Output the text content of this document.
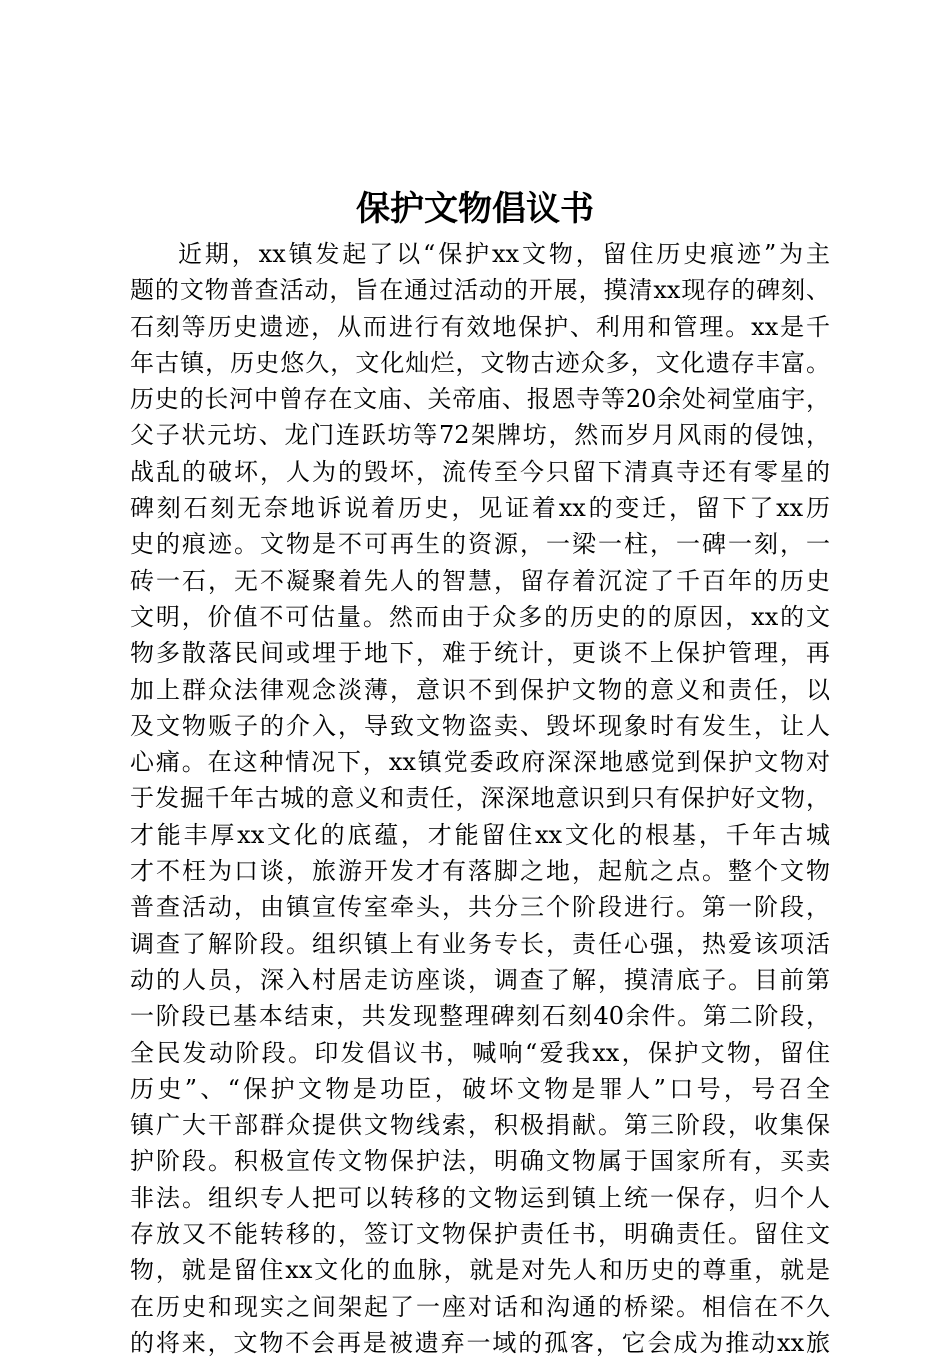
保护文物倡议书
近期，xx镇发起了以“保护xx文物，留住历史痕迹”为主
题的文物普查活动，旨在通过活动的开展，摸清xx现存的碑刻、
石刻等历史遗迹，从而进行有效地保护、利用和管理。xx是千
年古镇，历史悠久，文化灿烂，文物古迹众多，文化遗存丰富。
历史的长河中曾存在文庙、关帝庙、报恩寺等20余处祠堂庙宇，
父子状元坊、龙门连跃坊等72架牌坊，然而岁月风雨的侵蚀，
战乱的破坏，人为的毁坏，流传至今只留下清真寺还有零星的
碑刻石刻无奈地诉说着历史，见证着xx的变迁，留下了xx历
史的痕迹。文物是不可再生的资源，一梁一柱，一碑一刻，一
砖一石，无不凝聚着先人的智慧，留存着沉淀了千百年的历史
文明，价值不可估量。然而由于众多的历史的的原因，xx的文
物多散落民间或埋于地下，难于统计，更谈不上保护管理，再
加上群众法律观念淡薄，意识不到保护文物的意义和责任，以
及文物贩子的介入，导致文物盗卖、毁坏现象时有发生，让人
心痛。在这种情况下，xx镇党委政府深深地感觉到保护文物对
于发掘千年古城的意义和责任，深深地意识到只有保护好文物，
才能丰厚xx文化的底蕴，才能留住xx文化的根基，千年古城
才不枉为口谈，旅游开发才有落脚之地，起航之点。整个文物
普查活动，由镇宣传室牵头，共分三个阶段进行。第一阶段，
调查了解阶段。组织镇上有业务专长，责任心强，热爱该项活
动的人员，深入村居走访座谈，调查了解，摸清底子。目前第
一阶段已基本结束，共发现整理碑刻石刻40余件。第二阶段，
全民发动阶段。印发倡议书，喊响“爱我xx，保护文物，留住
历史”、“保护文物是功臣，破坏文物是罪人”口号，号召全
镇广大干部群众提供文物线索，积极捐献。第三阶段，收集保
护阶段。积极宣传文物保护法，明确文物属于国家所有，买卖
非法。组织专人把可以转移的文物运到镇上统一保存，归个人
存放又不能转移的，签订文物保护责任书，明确责任。留住文
物，就是留住xx文化的血脉，就是对先人和历史的尊重，就是
在历史和现实之间架起了一座对话和沟通的桥梁。相信在不久
的将来，文物不会再是被遗弃一域的孤客，它会成为推动xx旅
